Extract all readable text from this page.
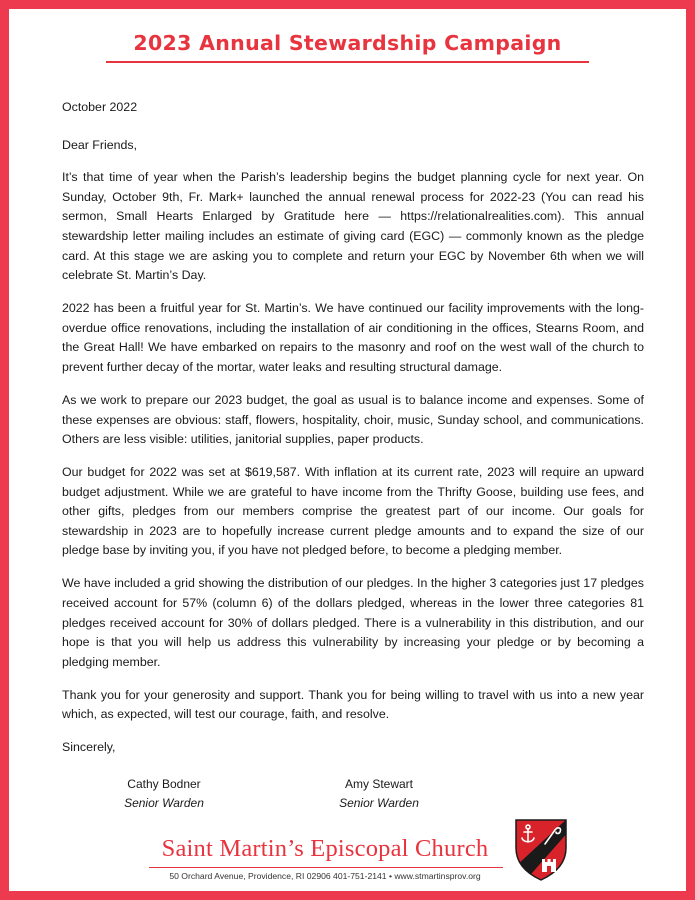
2023 Annual Stewardship Campaign

October 2022

Dear Friends,

It’s that time of year when the Parish’s leadership begins the budget planning cycle for next year. On Sunday, October 9th, Fr. Mark+ launched the annual renewal process for 2022-23 (You can read his sermon, Small Hearts Enlarged by Gratitude here — https://relationalrealities.com). This annual stewardship letter mailing includes an estimate of giving card (EGC) — commonly known as the pledge card. At this stage we are asking you to complete and return your EGC by November 6th when we will celebrate St. Martin’s Day.

2022 has been a fruitful year for St. Martin’s. We have continued our facility improvements with the long-overdue office renovations, including the installation of air conditioning in the offices, Stearns Room, and the Great Hall! We have embarked on repairs to the masonry and roof on the west wall of the church to prevent further decay of the mortar, water leaks and resulting structural damage.

As we work to prepare our 2023 budget, the goal as usual is to balance income and expenses. Some of these expenses are obvious: staff, flowers, hospitality, choir, music, Sunday school, and communications. Others are less visible: utilities, janitorial supplies, paper products.

Our budget for 2022 was set at $619,587. With inflation at its current rate, 2023 will require an upward budget adjustment. While we are grateful to have income from the Thrifty Goose, building use fees, and other gifts, pledges from our members comprise the greatest part of our income. Our goals for stewardship in 2023 are to hopefully increase current pledge amounts and to expand the size of our pledge base by inviting you, if you have not pledged before, to become a pledging member.

We have included a grid showing the distribution of our pledges. In the higher 3 categories just 17 pledges received account for 57% (column 6) of the dollars pledged, whereas in the lower three categories 81 pledges received account for 30% of dollars pledged. There is a vulnerability in this distribution, and our hope is that you will help us address this vulnerability by increasing your pledge or by becoming a pledging member.

Thank you for your generosity and support. Thank you for being willing to travel with us into a new year which, as expected, will test our courage, faith, and resolve.

Sincerely,

Cathy Bodner
Senior Warden
Amy Stewart
Senior Warden
Saint Martin’s Episcopal Church
50 Orchard Avenue, Providence, RI 02906 401-751-2141 • www.stmartinsprov.org
